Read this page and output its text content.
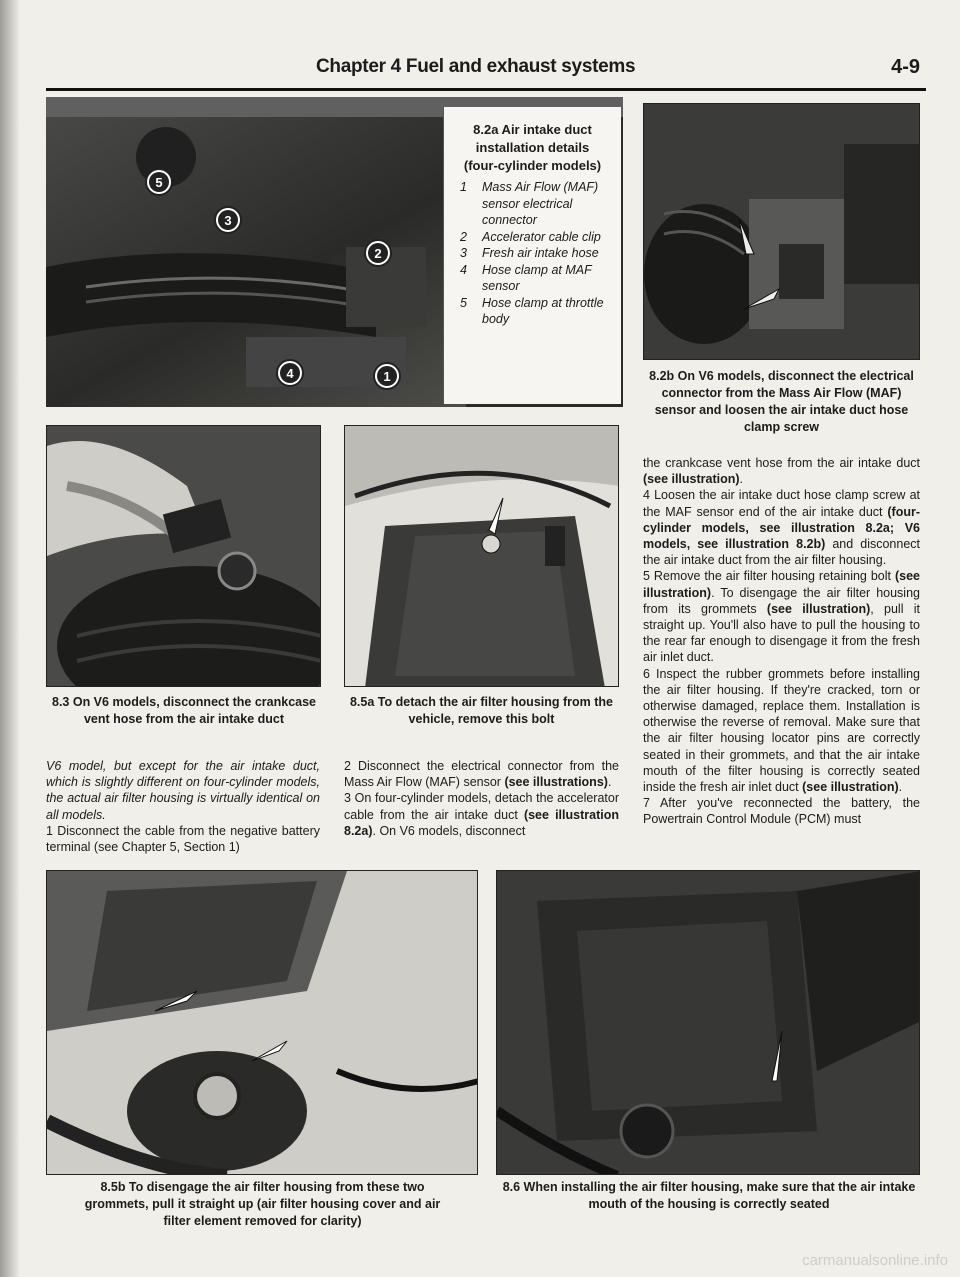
Chapter 4 Fuel and exhaust systems	4-9
5
3
2
4	1
8.2a Air intake duct
installation details
(four-cylinder models)
1	Mass Air Flow (MAF) sensor electrical connector
2	Accelerator cable clip
3	Fresh air intake hose
4	Hose clamp at MAF sensor
5	Hose clamp at throttle body
8.2b On V6 models, disconnect the electrical connector from the Mass Air Flow (MAF) sensor and loosen the air intake duct hose clamp screw
8.3 On V6 models, disconnect the crankcase vent hose from the air intake duct
8.5a To detach the air filter housing from the vehicle, remove this bolt

V6 model, but except for the air intake duct, which is slightly different on four-cylinder models, the actual air filter housing is virtually identical on all models.

1 Disconnect the cable from the negative battery terminal (see Chapter 5, Section 1)

2 Disconnect the electrical connector from the Mass Air Flow (MAF) sensor (see illustrations).

3 On four-cylinder models, detach the accelerator cable from the air intake duct (see illustration 8.2a). On V6 models, disconnect

the crankcase vent hose from the air intake duct (see illustration).

4 Loosen the air intake duct hose clamp screw at the MAF sensor end of the air intake duct (four-cylinder models, see illustration 8.2a; V6 models, see illustration 8.2b) and disconnect the air intake duct from the air filter housing.

5 Remove the air filter housing retaining bolt (see illustration). To disengage the air filter housing from its grommets (see illustration), pull it straight up. You'll also have to pull the housing to the rear far enough to disengage it from the fresh air inlet duct.

6 Inspect the rubber grommets before installing the air filter housing. If they're cracked, torn or otherwise damaged, replace them. Installation is otherwise the reverse of removal. Make sure that the air filter housing locator pins are correctly seated in their grommets, and that the air intake mouth of the filter housing is correctly seated inside the fresh air inlet duct (see illustration).

7 After you've reconnected the battery, the Powertrain Control Module (PCM) must

8.5b To disengage the air filter housing from these two grommets, pull it straight up (air filter housing cover and air filter element removed for clarity)
8.6 When installing the air filter housing, make sure that the air intake mouth of the housing is correctly seated
carmanualsonline.info
